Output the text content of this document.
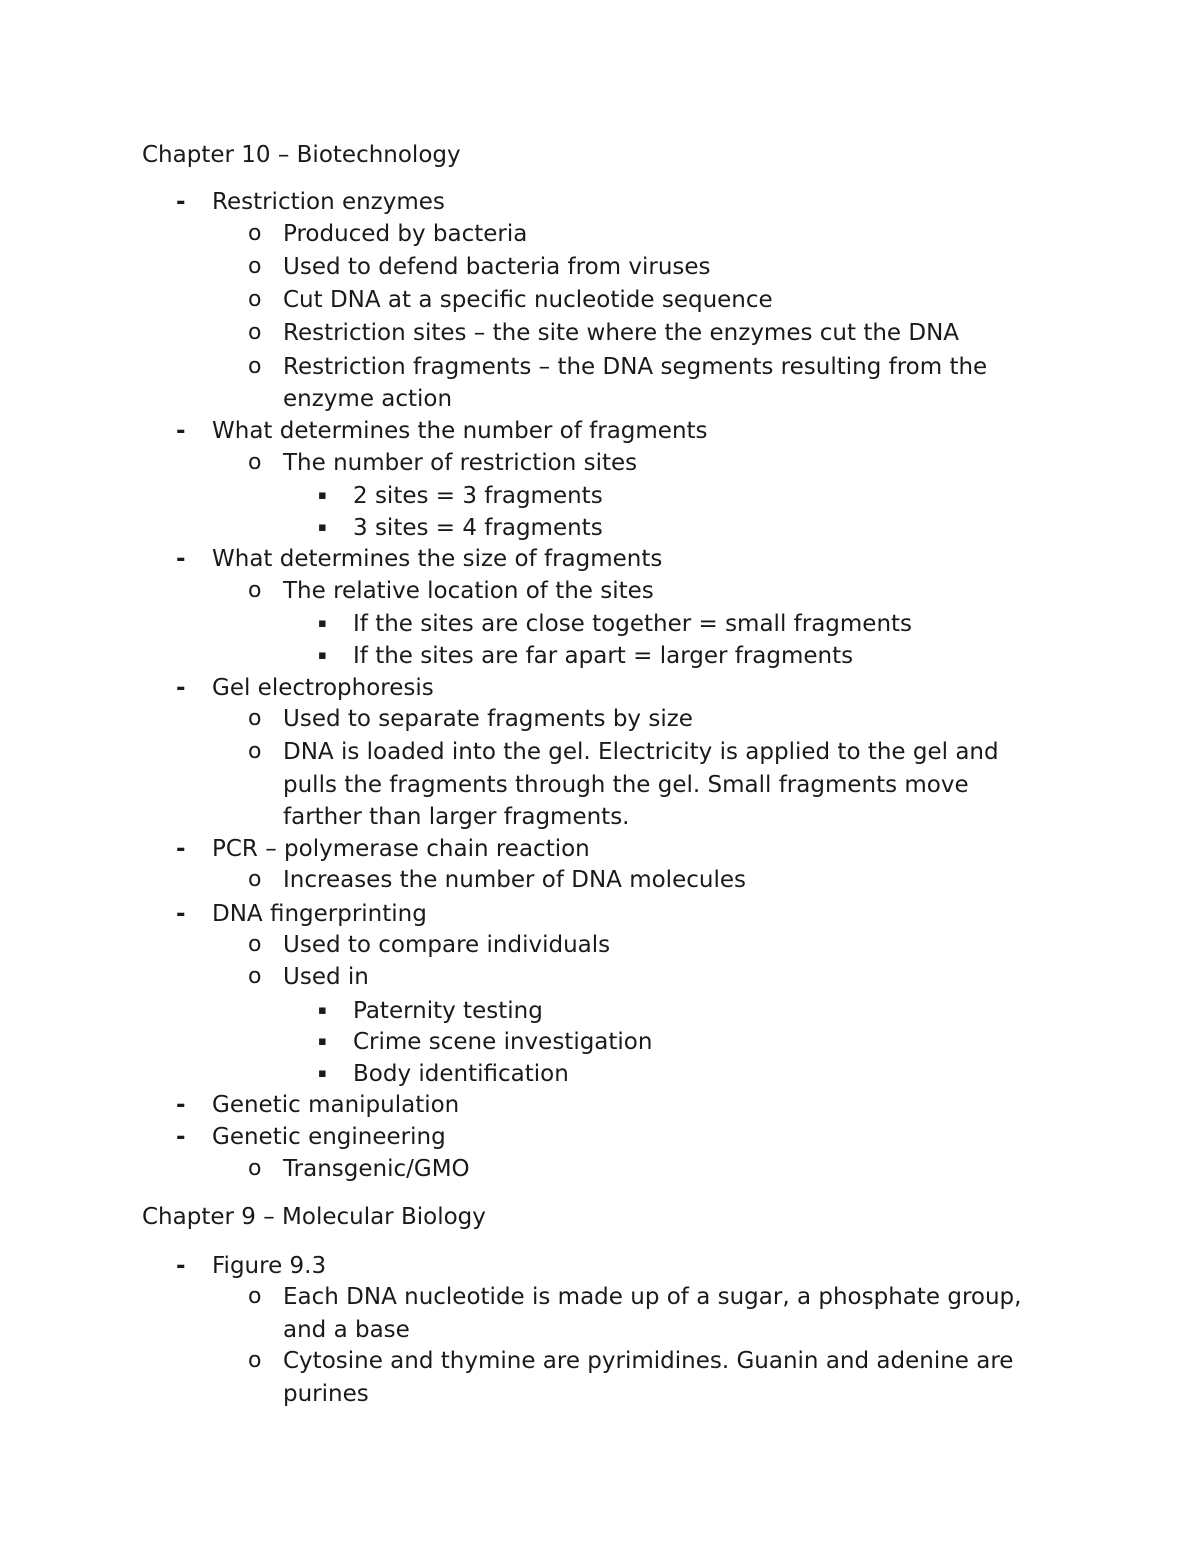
Chapter 10 – Biotechnology
- Restriction enzymes
o Produced by bacteria
o Used to defend bacteria from viruses
o Cut DNA at a specific nucleotide sequence
o Restriction sites – the site where the enzymes cut the DNA
o Restriction fragments – the DNA segments resulting from the
enzyme action
- What determines the number of fragments
o The number of restriction sites
▪ 2 sites = 3 fragments
▪ 3 sites = 4 fragments
- What determines the size of fragments
o The relative location of the sites
▪ If the sites are close together = small fragments
▪ If the sites are far apart = larger fragments
- Gel electrophoresis
o Used to separate fragments by size
o DNA is loaded into the gel. Electricity is applied to the gel and
pulls the fragments through the gel. Small fragments move
farther than larger fragments.
- PCR – polymerase chain reaction
o Increases the number of DNA molecules
- DNA fingerprinting
o Used to compare individuals
o Used in
▪ Paternity testing
▪ Crime scene investigation
▪ Body identification
- Genetic manipulation
- Genetic engineering
o Transgenic/GMO
Chapter 9 – Molecular Biology
- Figure 9.3
o Each DNA nucleotide is made up of a sugar, a phosphate group,
and a base
o Cytosine and thymine are pyrimidines. Guanin and adenine are
purines
